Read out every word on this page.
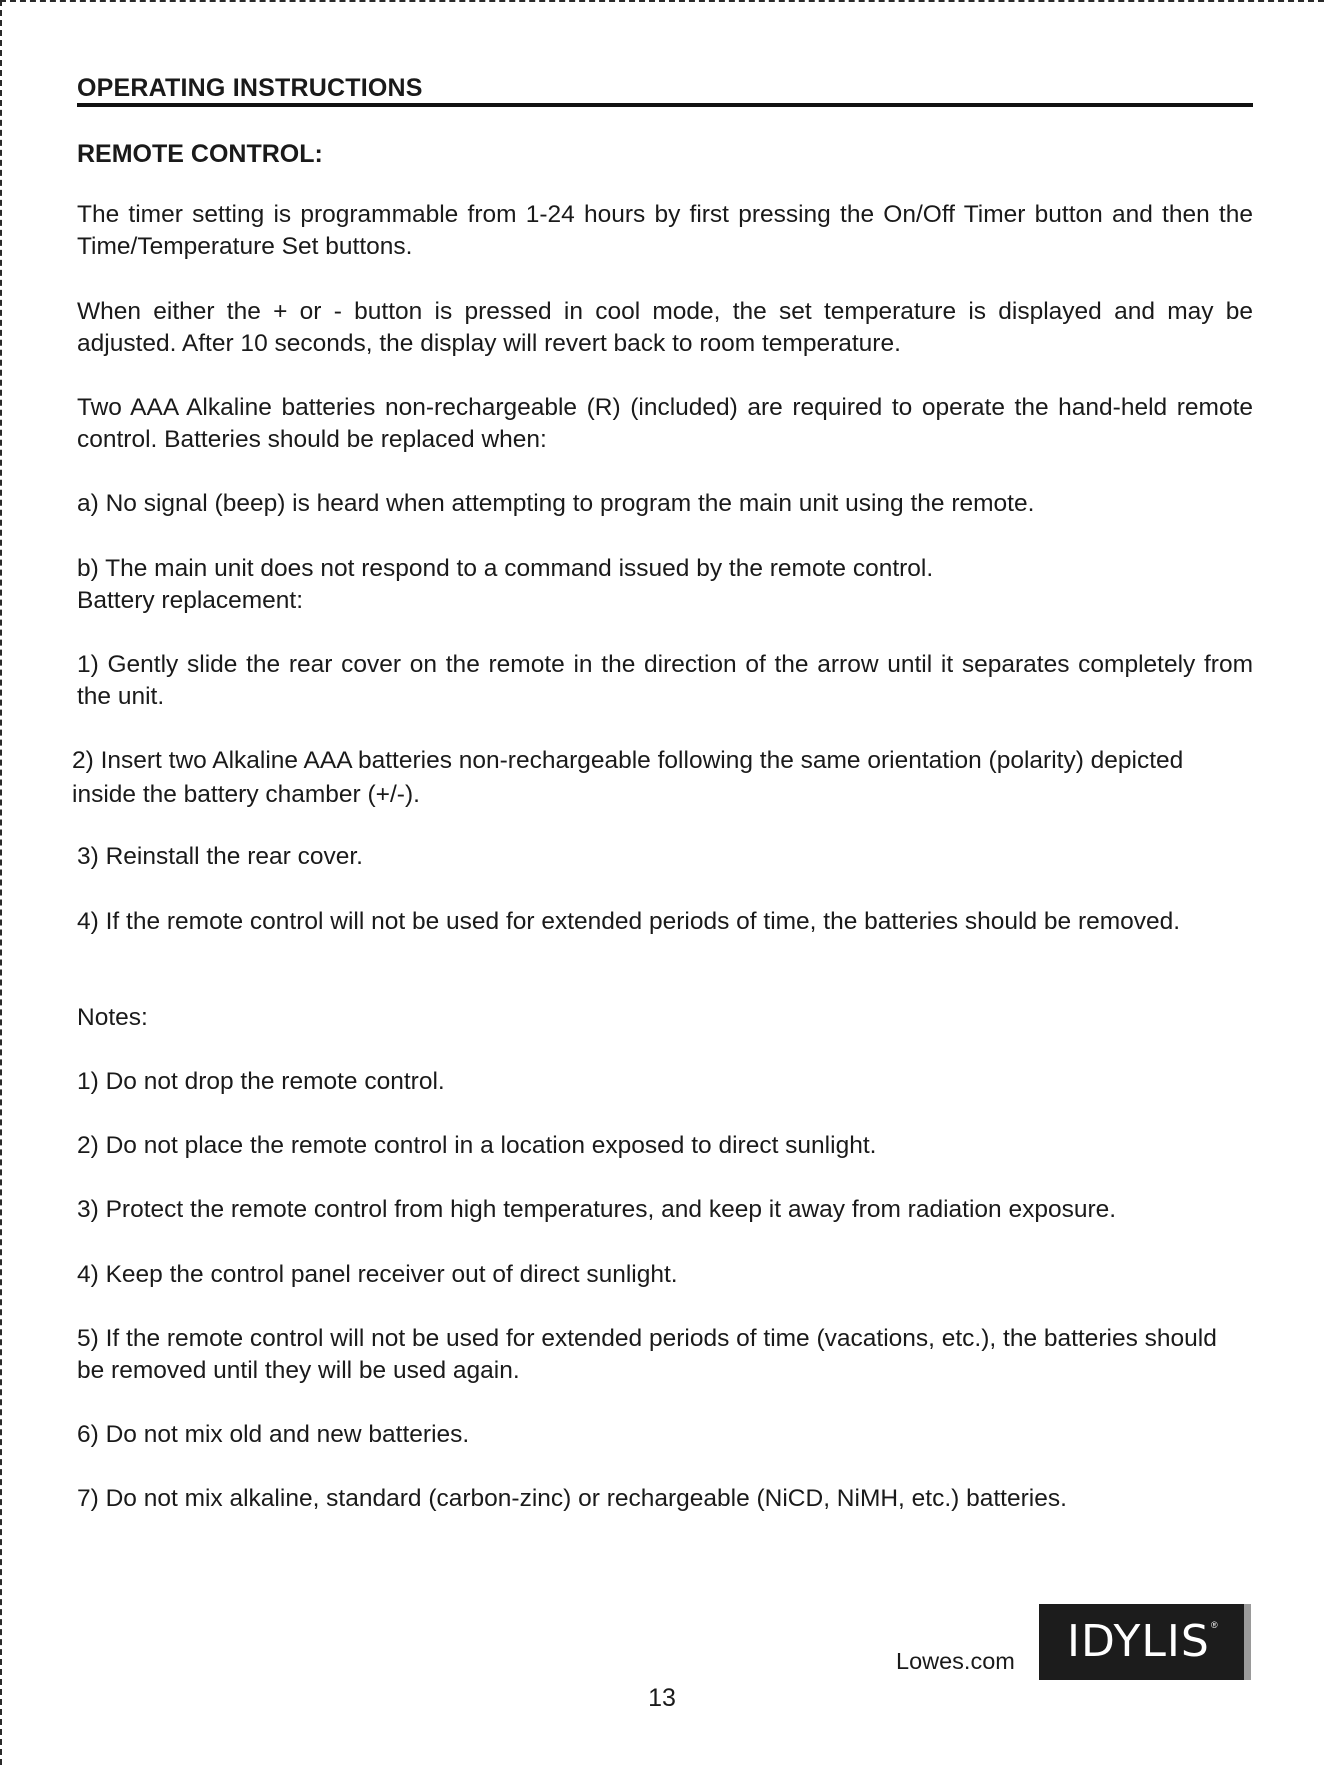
OPERATING INSTRUCTIONS
REMOTE CONTROL:

The timer setting is programmable from 1-24 hours by first pressing the On/Off Timer button and then the Time/Temperature Set buttons.

When either the + or - button is pressed in cool mode, the set temperature is displayed and may be adjusted. After 10 seconds, the display will revert back to room temperature.

Two AAA Alkaline batteries non-rechargeable (R) (included) are required to operate the hand-held remote control. Batteries should be replaced when:

a) No signal (beep) is heard when attempting to program the main unit using the remote.

b) The main unit does not respond to a command issued by the remote control.

Battery replacement:

1) Gently slide the rear cover on the remote in the direction of the arrow until it separates completely from the unit.

2) Insert two Alkaline AAA batteries non-rechargeable following the same orientation (polarity) depicted inside the battery chamber (+/-).

3) Reinstall the rear cover.

4) If the remote control will not be used for extended periods of time, the batteries should be removed.

Notes:

1) Do not drop the remote control.

2) Do not place the remote control in a location exposed to direct sunlight.

3) Protect the remote control from high temperatures, and keep it away from radiation exposure.

4) Keep the control panel receiver out of direct sunlight.

5) If the remote control will not be used for extended periods of time (vacations, etc.), the batteries should be removed until they will be used again.

6) Do not mix old and new batteries.

7) Do not mix alkaline, standard (carbon-zinc) or rechargeable (NiCD, NiMH, etc.) batteries.

Lowes.com IDYLIS ®
13
